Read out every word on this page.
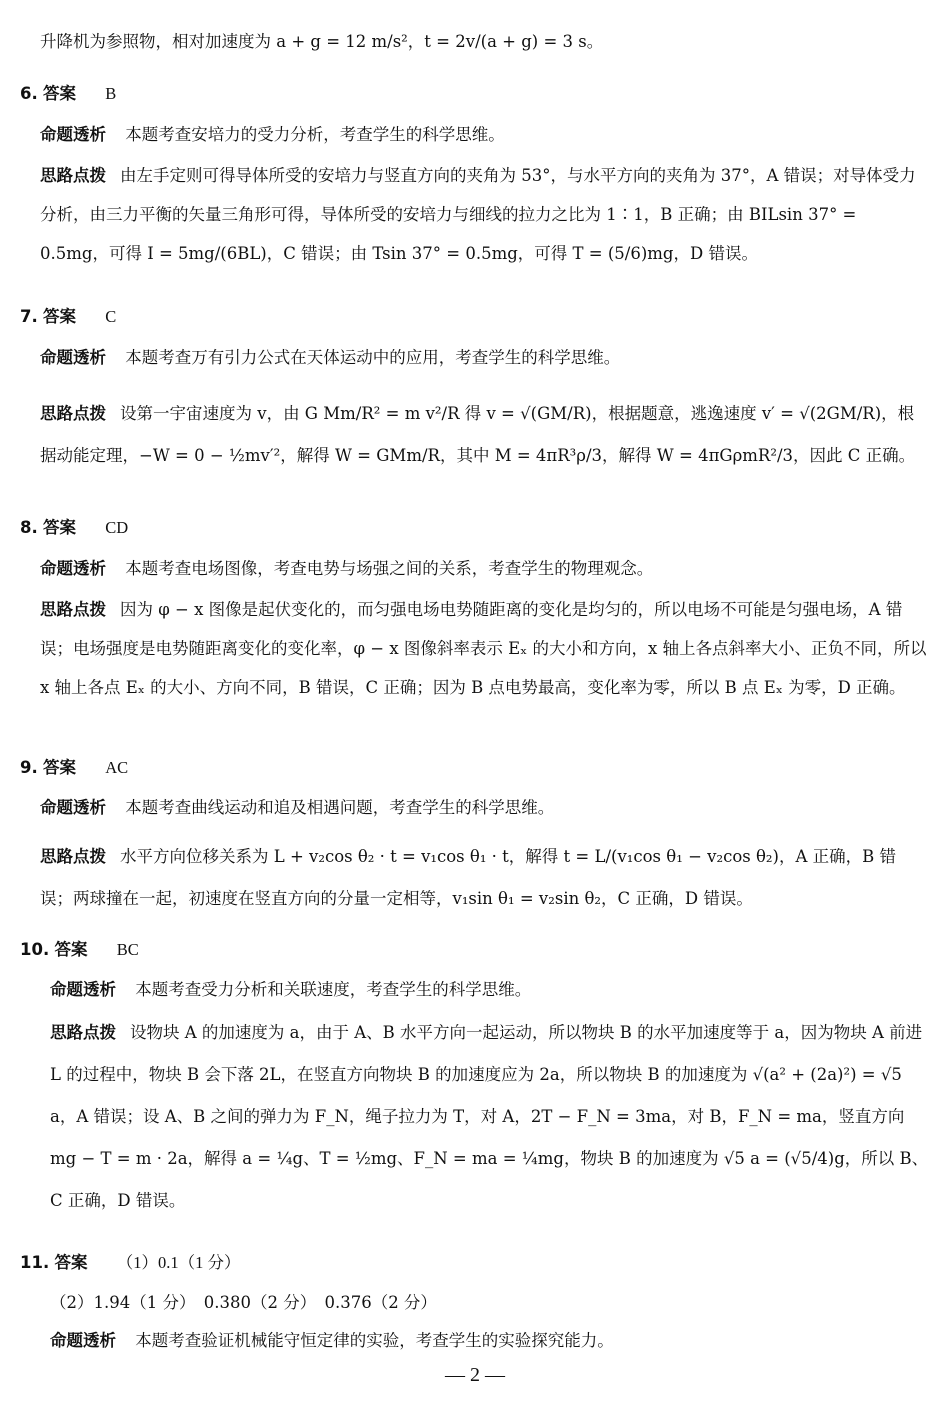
升降机为参照物，相对加速度为 a + g = 12 m/s²，t = 2v/(a + g) = 3 s。

6. 答案 B

命题透析 本题考查安培力的受力分析，考查学生的科学思维。

思路点拨 由左手定则可得导体所受的安培力与竖直方向的夹角为 53°，与水平方向的夹角为 37°，A 错误；对导体受力分析，由三力平衡的矢量三角形可得，导体所受的安培力与细线的拉力之比为 1∶1，B 正确；由 BILsin 37° = 0.5mg，可得 I = 5mg/(6BL)，C 错误；由 Tsin 37° = 0.5mg，可得 T = (5/6)mg，D 错误。

7. 答案 C

命题透析 本题考查万有引力公式在天体运动中的应用，考查学生的科学思维。

思路点拨 设第一宇宙速度为 v，由 G Mm/R² = m v²/R 得 v = √(GM/R)，根据题意，逃逸速度 v′ = √(2GM/R)，根据动能定理，−W = 0 − ½mv′²，解得 W = GMm/R，其中 M = 4πR³ρ/3，解得 W = 4πGρmR²/3，因此 C 正确。

8. 答案 CD

命题透析 本题考查电场图像，考查电势与场强之间的关系，考查学生的物理观念。

思路点拨 因为 φ − x 图像是起伏变化的，而匀强电场电势随距离的变化是均匀的，所以电场不可能是匀强电场，A 错误；电场强度是电势随距离变化的变化率，φ − x 图像斜率表示 Eₓ 的大小和方向，x 轴上各点斜率大小、正负不同，所以 x 轴上各点 Eₓ 的大小、方向不同，B 错误，C 正确；因为 B 点电势最高，变化率为零，所以 B 点 Eₓ 为零，D 正确。

9. 答案 AC

命题透析 本题考查曲线运动和追及相遇问题，考查学生的科学思维。

思路点拨 水平方向位移关系为 L + v₂cos θ₂ · t = v₁cos θ₁ · t，解得 t = L/(v₁cos θ₁ − v₂cos θ₂)，A 正确，B 错误；两球撞在一起，初速度在竖直方向的分量一定相等，v₁sin θ₁ = v₂sin θ₂，C 正确，D 错误。

10. 答案 BC

命题透析 本题考查受力分析和关联速度，考查学生的科学思维。

思路点拨 设物块 A 的加速度为 a，由于 A、B 水平方向一起运动，所以物块 B 的水平加速度等于 a，因为物块 A 前进 L 的过程中，物块 B 会下落 2L，在竖直方向物块 B 的加速度应为 2a，所以物块 B 的加速度为 √(a² + (2a)²) = √5 a，A 错误；设 A、B 之间的弹力为 F_N，绳子拉力为 T，对 A，2T − F_N = 3ma，对 B，F_N = ma，竖直方向 mg − T = m · 2a，解得 a = ¼g、T = ½mg、F_N = ma = ¼mg，物块 B 的加速度为 √5 a = (√5/4)g，所以 B、C 正确，D 错误。

11. 答案 （1）0.1（1 分）

（2）1.94（1 分）　0.380（2 分）　0.376（2 分）

命题透析 本题考查验证机械能守恒定律的实验，考查学生的实验探究能力。

— 2 —
